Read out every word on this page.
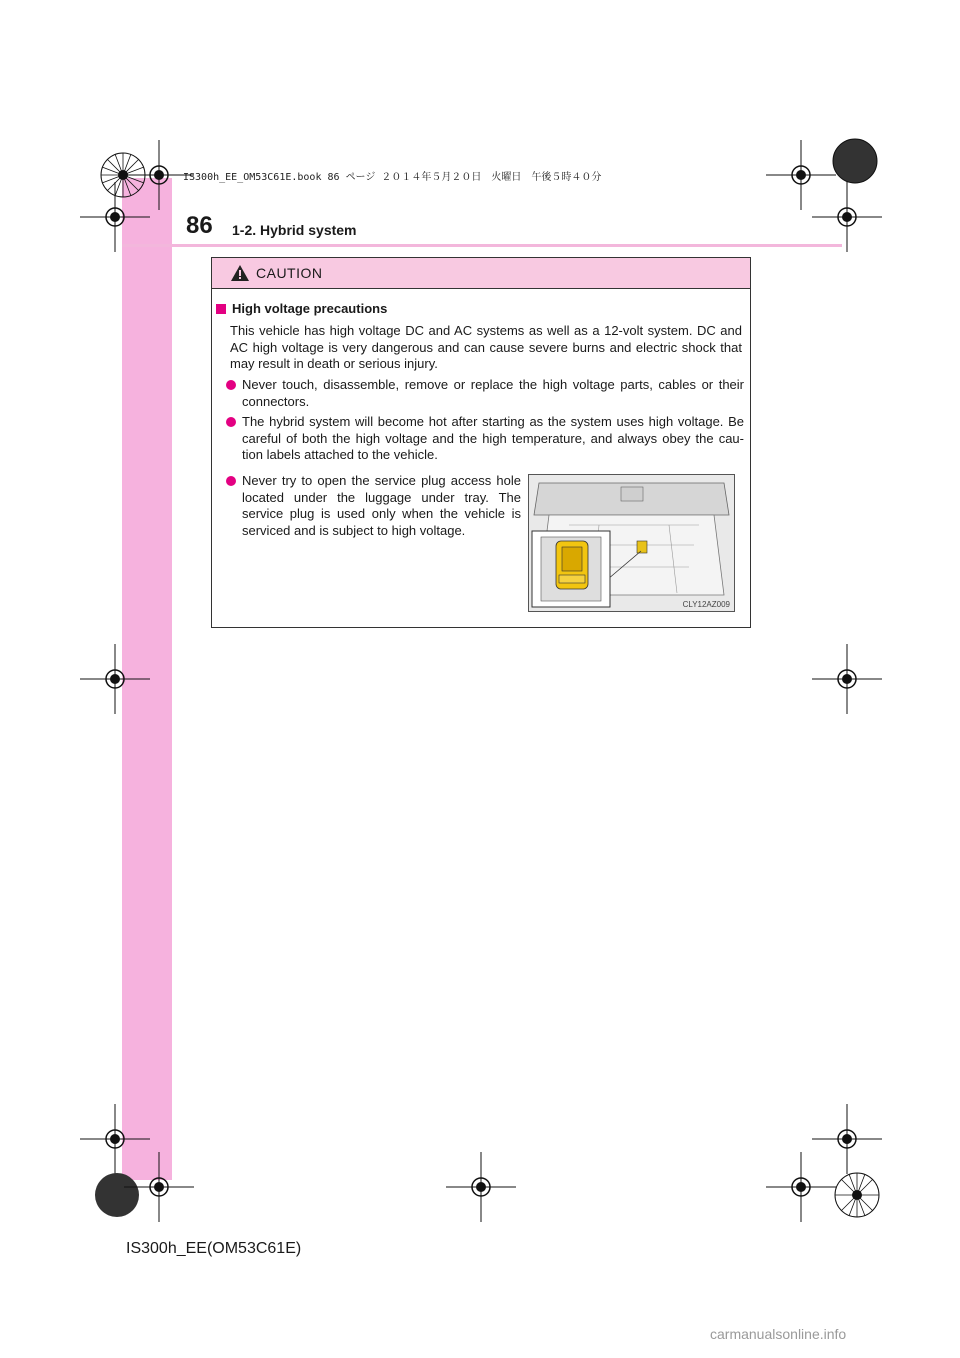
IS300h_EE_OM53C61E.book 86 ページ ２０１４年５月２０日　火曜日　午後５時４０分
86 1-2. Hybrid system
CAUTION
High voltage precautions
This vehicle has high voltage DC and AC systems as well as a 12-volt system. DC and AC high voltage is very dangerous and can cause severe burns and electric shock that may result in death or serious injury.
Never touch, disassemble, remove or replace the high voltage parts, cables or their connectors.
The hybrid system will become hot after starting as the system uses high voltage. Be careful of both the high voltage and the high temperature, and always obey the cau-tion labels attached to the vehicle.
Never try to open the service plug access hole located under the luggage under tray. The service plug is used only when the vehicle is serviced and is subject to high voltage.
CLY12AZ009
IS300h_EE(OM53C61E)
carmanualsonline.info
